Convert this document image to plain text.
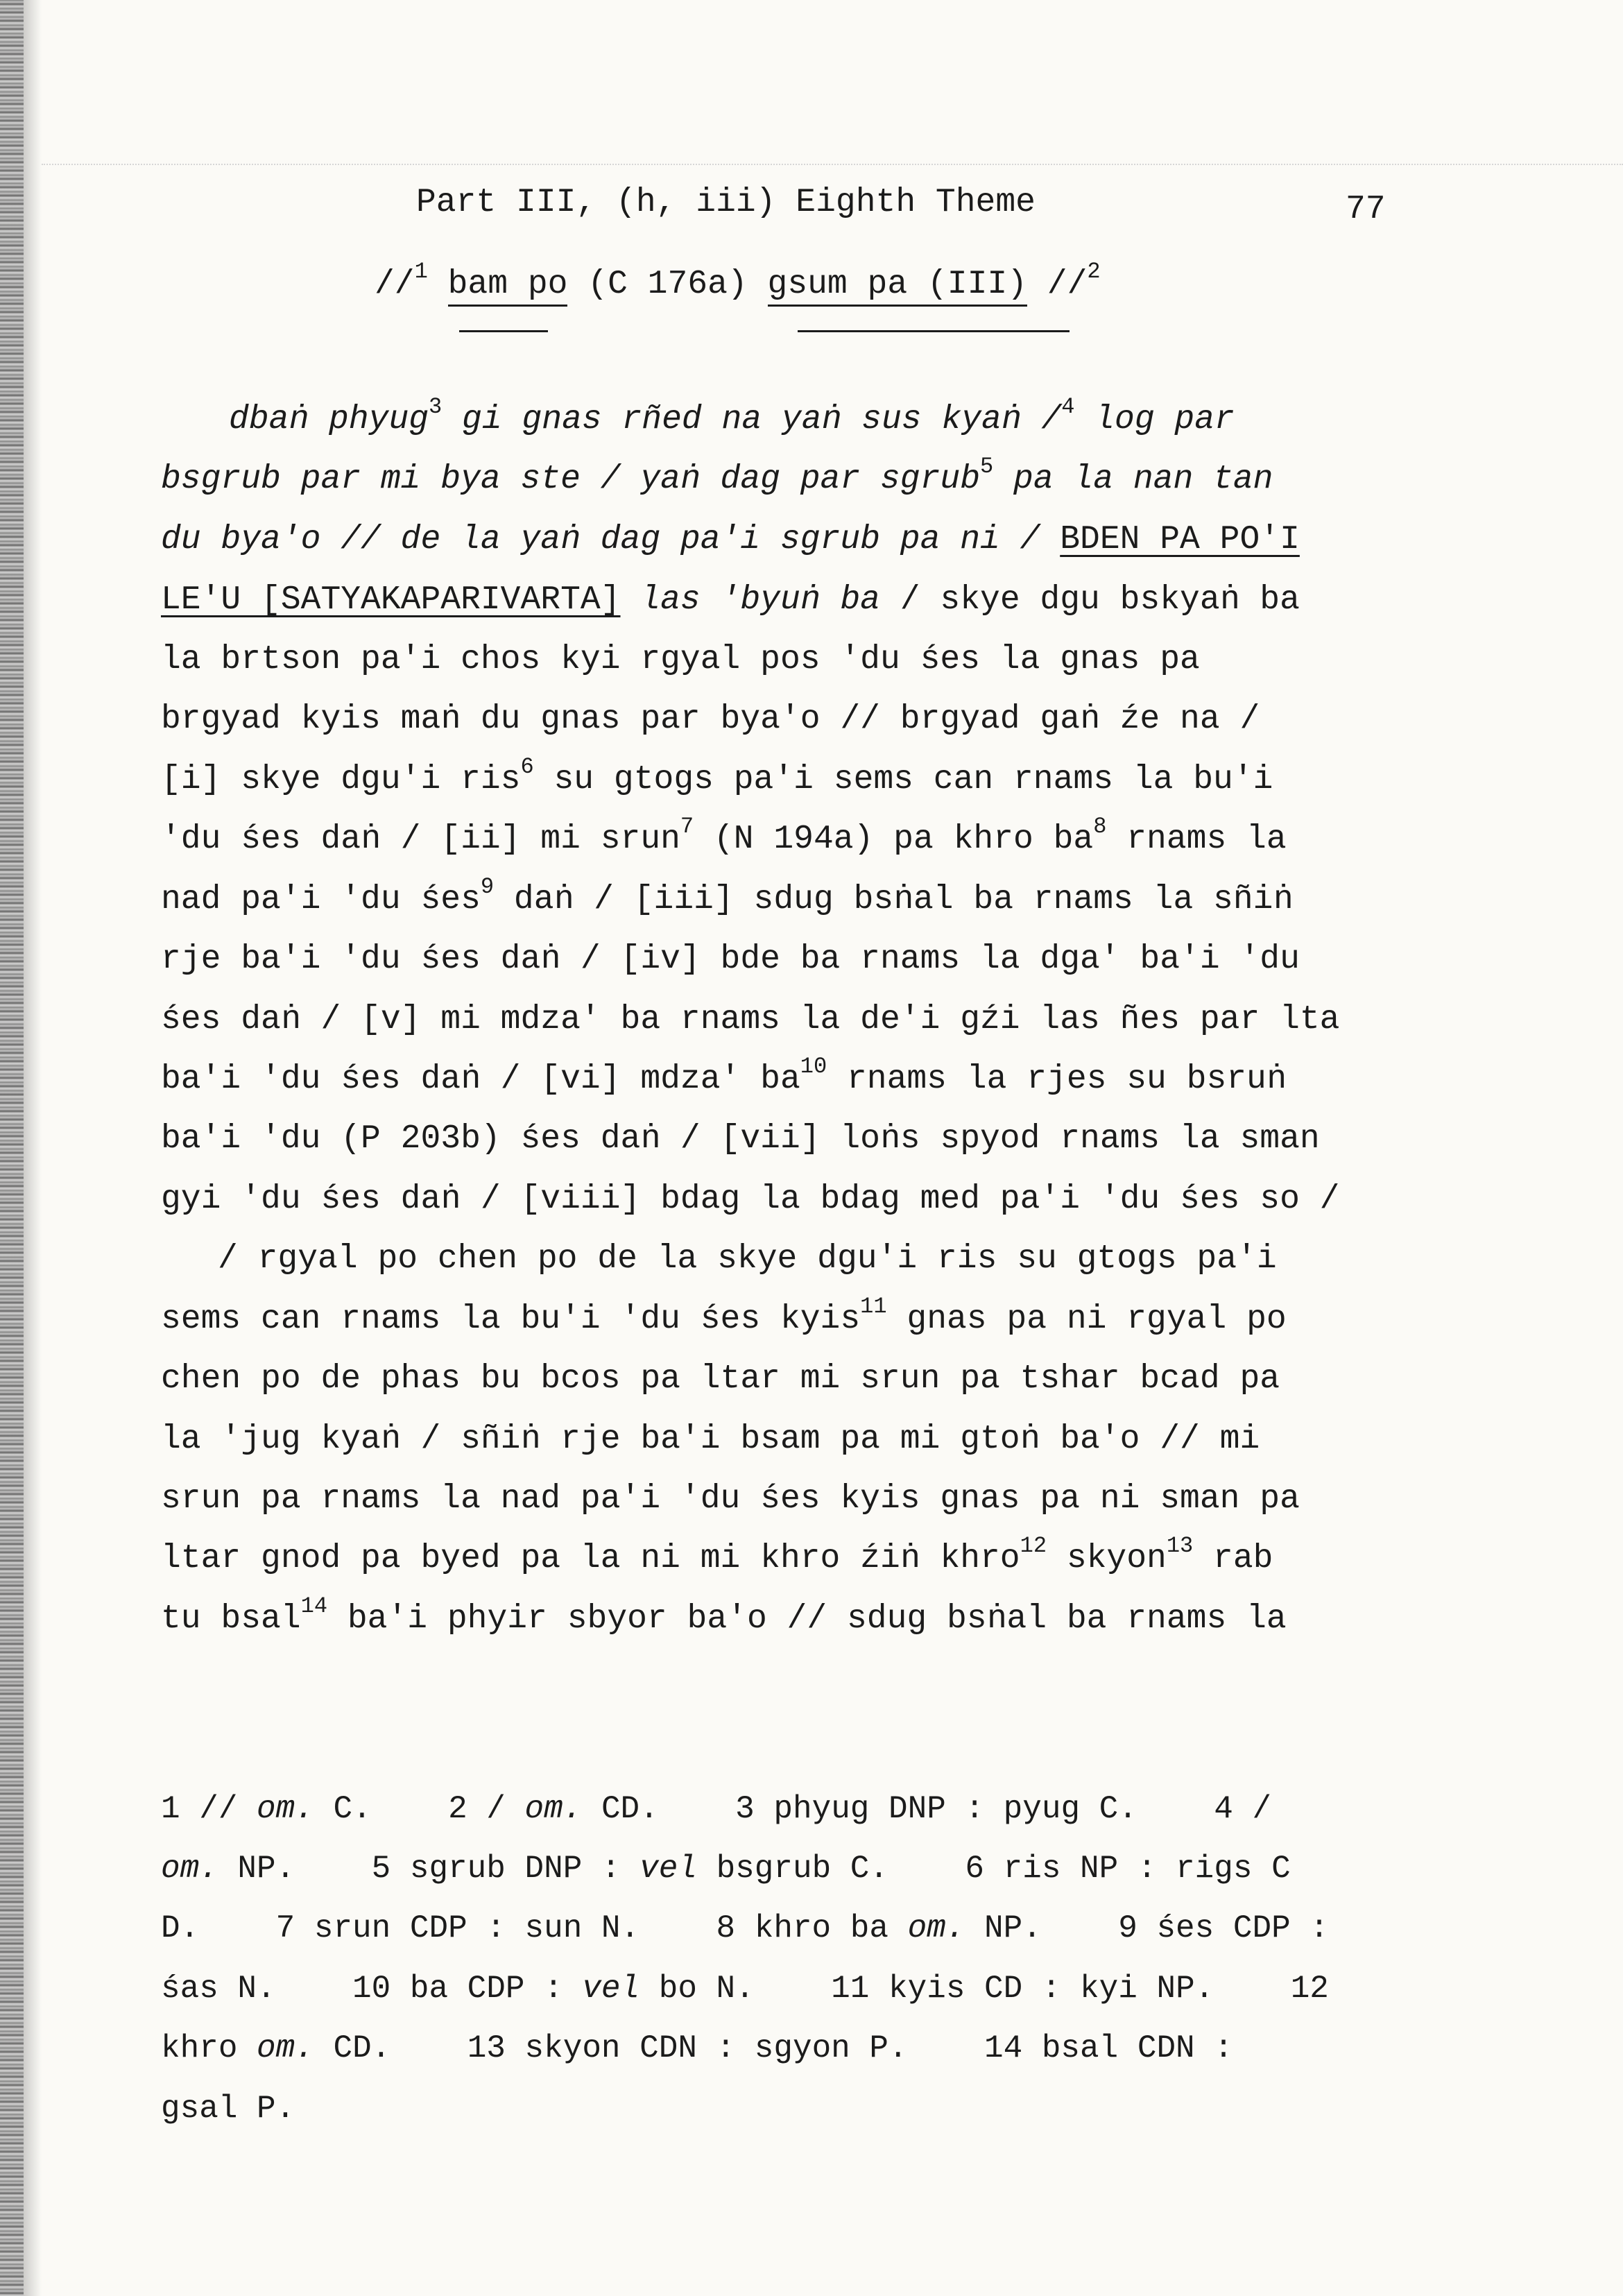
Part III, (h, iii) Eighth Theme	77
//$^1$ bam po (C 176a) gsum pa (III) //$^2$
dbaṅ phyug$^3$ gi gnas rñed na yaṅ sus kyaṅ /$^4$ log par
bsgrub par mi bya ste / yaṅ dag par sgrub$^5$ pa la nan tan
du bya'o // de la yaṅ dag pa'i sgrub pa ni / BDEN PA PO'I
LE'U [SATYAKAPARIVARTA] las 'byuṅ ba / skye dgu bskyaṅ ba
la brtson pa'i chos kyi rgyal pos 'du śes la gnas pa
brgyad kyis maṅ du gnas par bya'o // brgyad gaṅ źe na /
[i] skye dgu'i ris$^6$ su gtogs pa'i sems can rnams la bu'i
'du śes daṅ / [ii] mi srun$^7$ (N 194a) pa khro $ba^8$ rnams la
nad pa'i 'du śes$^9$ daṅ / [iii] sdug bsṅal ba rnams la sñiṅ
rje ba'i 'du śes daṅ / [iv] bde ba rnams la dga' ba'i 'du
śes daṅ / [v] mi mdza' ba rnams la de'i gźi las ñes par lta
ba'i 'du śes daṅ / [vi] mdza' $ba^{10}$ rnams la rjes su bsruṅ
ba'i 'du (P 203b) śes daṅ / [vii] loṅs spyod rnams la sman
gyi 'du śes daṅ / [viii] bdag la bdag med pa'i 'du śes so /
/ rgyal po chen po de la skye dgu'i ris su gtogs pa'i
sems can rnams la bu'i 'du śes kyis$^{11}$ gnas pa ni rgyal po
chen po de phas bu bcos pa ltar mi srun pa tshar bcad pa
la 'jug kyaṅ / sñiṅ rje ba'i bsam pa mi gtoṅ ba'o // mi
srun pa rnams la nad pa'i 'du śes kyis gnas pa ni sman pa
ltar gnod pa byed pa la ni mi khro źiṅ khro$^{12}$ skyon$^{13}$ rab
tu bsal$^{14}$ ba'i phyir sbyor ba'o // sdug bsṅal ba rnams la
1 // om. C.    2 / om. CD.    3 phyug DNP : pyug C.    4 /
om. NP.    5 sgrub DNP : vel bsgrub C.    6 ris NP : rigs C
D.    7 srun CDP : sun N.    8 khro ba om. NP.    9 śes CDP :
śas N.    10 ba CDP : vel bo N.    11 kyis CD : kyi NP.    12
khro om. CD.    13 skyon CDN : sgyon P.    14 bsal CDN :
gsal P.
